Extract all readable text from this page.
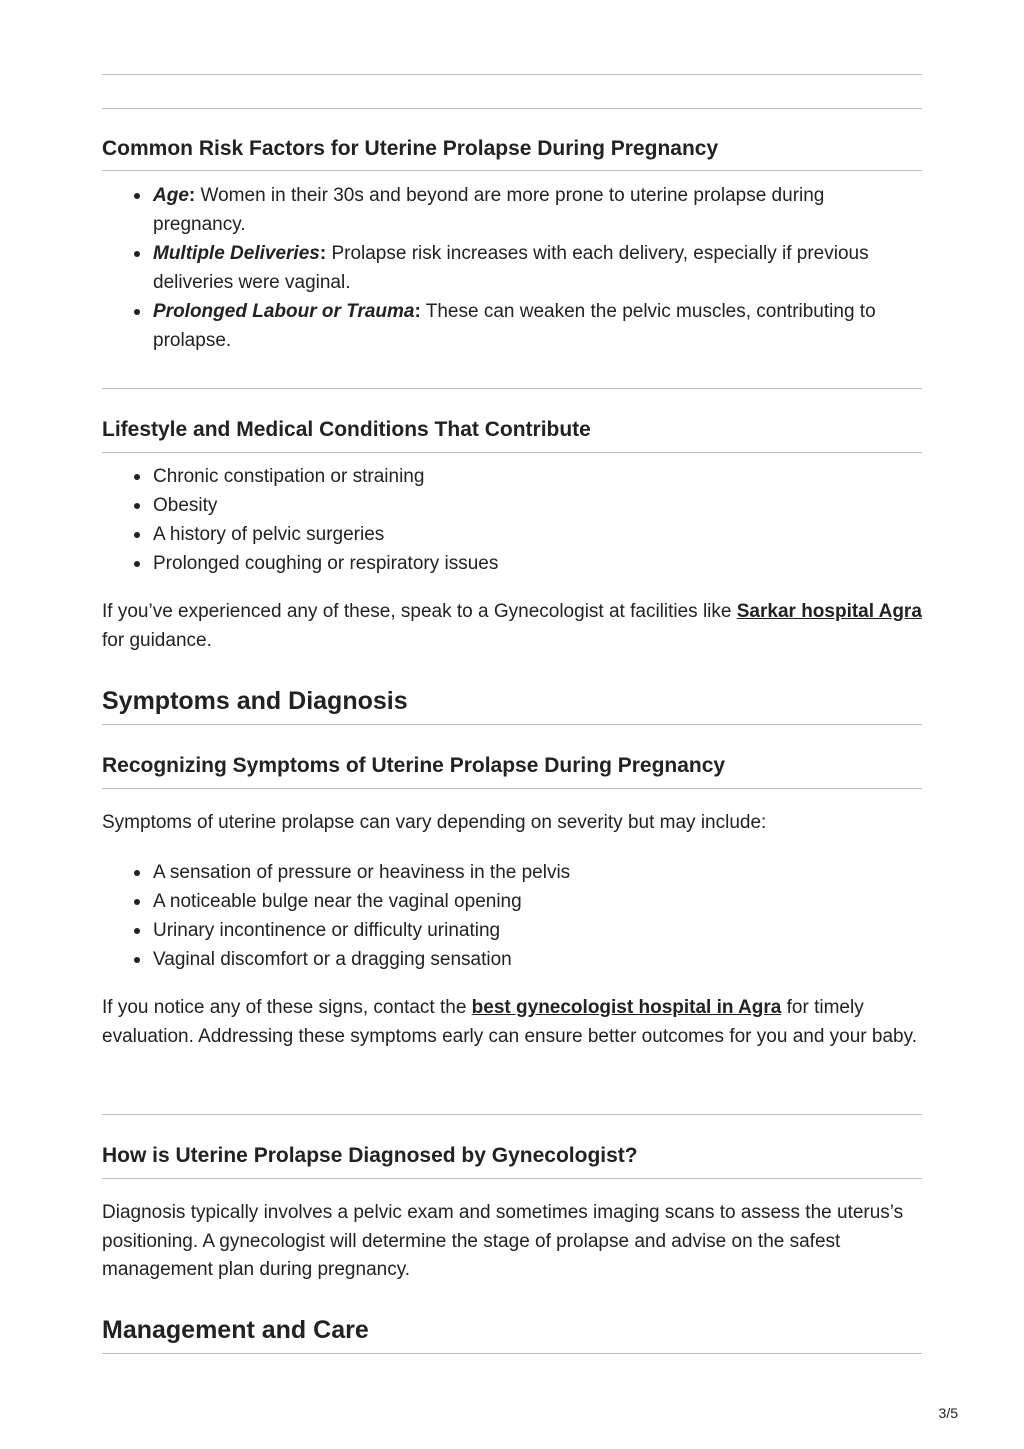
Common Risk Factors for Uterine Prolapse During Pregnancy
Age: Women in their 30s and beyond are more prone to uterine prolapse during pregnancy.
Multiple Deliveries: Prolapse risk increases with each delivery, especially if previous deliveries were vaginal.
Prolonged Labour or Trauma: These can weaken the pelvic muscles, contributing to prolapse.
Lifestyle and Medical Conditions That Contribute
Chronic constipation or straining
Obesity
A history of pelvic surgeries
Prolonged coughing or respiratory issues
If you’ve experienced any of these, speak to a Gynecologist at facilities like Sarkar hospital Agra for guidance.
Symptoms and Diagnosis
Recognizing Symptoms of Uterine Prolapse During Pregnancy
Symptoms of uterine prolapse can vary depending on severity but may include:
A sensation of pressure or heaviness in the pelvis
A noticeable bulge near the vaginal opening
Urinary incontinence or difficulty urinating
Vaginal discomfort or a dragging sensation
If you notice any of these signs, contact the best gynecologist hospital in Agra for timely evaluation. Addressing these symptoms early can ensure better outcomes for you and your baby.
How is Uterine Prolapse Diagnosed by Gynecologist?
Diagnosis typically involves a pelvic exam and sometimes imaging scans to assess the uterus’s positioning. A gynecologist will determine the stage of prolapse and advise on the safest management plan during pregnancy.
Management and Care
3/5
